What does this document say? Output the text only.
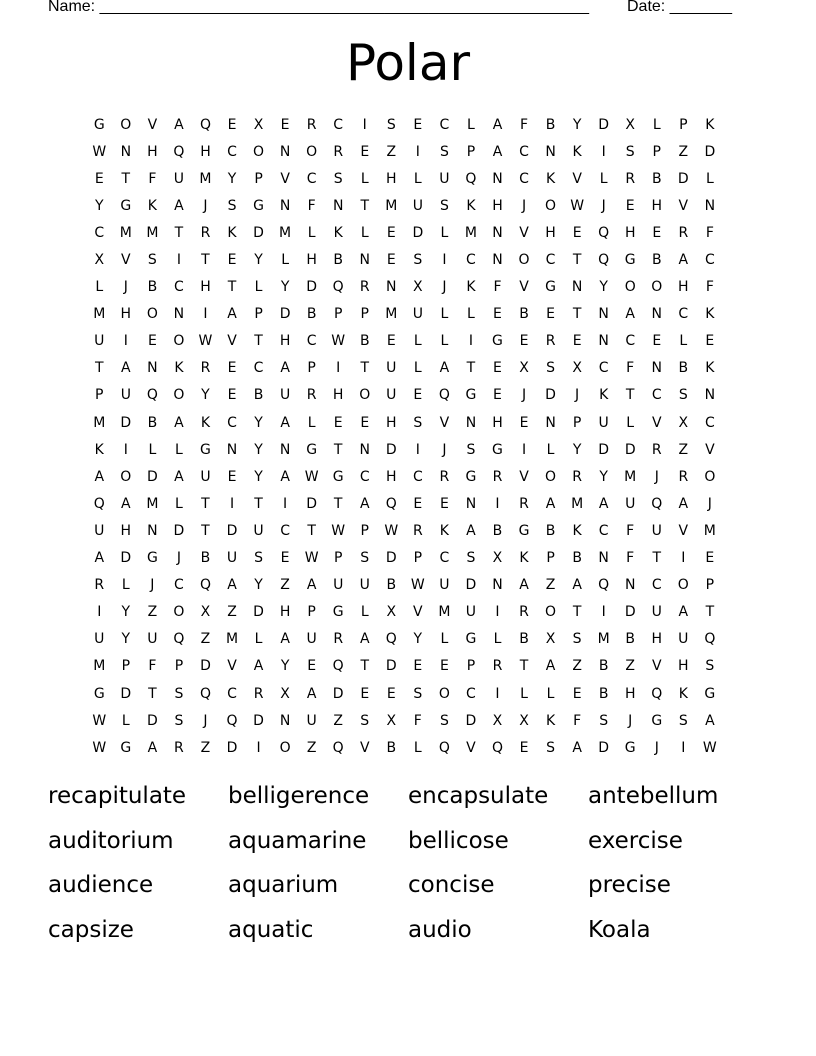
Name: _______________________________________________________

Date: _______

Polar
G	O	V	A	Q	E	X	E	R	C	I	S	E	C	L	A	F	B	Y	D	X	L	P	K
W	N	H	Q	H	C	O	N	O	R	E	Z	I	S	P	A	C	N	K	I	S	P	Z	D
E	T	F	U	M	Y	P	V	C	S	L	H	L	U	Q	N	C	K	V	L	R	B	D	L
Y	G	K	A	J	S	G	N	F	N	T	M	U	S	K	H	J	O	W	J	E	H	V	N
C	M	M	T	R	K	D	M	L	K	L	E	D	L	M	N	V	H	E	Q	H	E	R	F
X	V	S	I	T	E	Y	L	H	B	N	E	S	I	C	N	O	C	T	Q	G	B	A	C
L	J	B	C	H	T	L	Y	D	Q	R	N	X	J	K	F	V	G	N	Y	O	O	H	F
M	H	O	N	I	A	P	D	B	P	P	M	U	L	L	E	B	E	T	N	A	N	C	K
U	I	E	O	W	V	T	H	C	W	B	E	L	L	I	G	E	R	E	N	C	E	L	E
T	A	N	K	R	E	C	A	P	I	T	U	L	A	T	E	X	S	X	C	F	N	B	K
P	U	Q	O	Y	E	B	U	R	H	O	U	E	Q	G	E	J	D	J	K	T	C	S	N
M	D	B	A	K	C	Y	A	L	E	E	H	S	V	N	H	E	N	P	U	L	V	X	C
K	I	L	L	G	N	Y	N	G	T	N	D	I	J	S	G	I	L	Y	D	D	R	Z	V
A	O	D	A	U	E	Y	A	W	G	C	H	C	R	G	R	V	O	R	Y	M	J	R	O
Q	A	M	L	T	I	T	I	D	T	A	Q	E	E	N	I	R	A	M	A	U	Q	A	J
U	H	N	D	T	D	U	C	T	W	P	W	R	K	A	B	G	B	K	C	F	U	V	M
A	D	G	J	B	U	S	E	W	P	S	D	P	C	S	X	K	P	B	N	F	T	I	E
R	L	J	C	Q	A	Y	Z	A	U	U	B	W	U	D	N	A	Z	A	Q	N	C	O	P
I	Y	Z	O	X	Z	D	H	P	G	L	X	V	M	U	I	R	O	T	I	D	U	A	T
U	Y	U	Q	Z	M	L	A	U	R	A	Q	Y	L	G	L	B	X	S	M	B	H	U	Q
M	P	F	P	D	V	A	Y	E	Q	T	D	E	E	P	R	T	A	Z	B	Z	V	H	S
G	D	T	S	Q	C	R	X	A	D	E	E	S	O	C	I	L	L	E	B	H	Q	K	G
W	L	D	S	J	Q	D	N	U	Z	S	X	F	S	D	X	X	K	F	S	J	G	S	A
W	G	A	R	Z	D	I	O	Z	Q	V	B	L	Q	V	Q	E	S	A	D	G	J	I	W
recapitulate	belligerence	encapsulate	antebellum
auditorium	aquamarine	bellicose	exercise
audience	aquarium	concise	precise
capsize	aquatic	audio	Koala
